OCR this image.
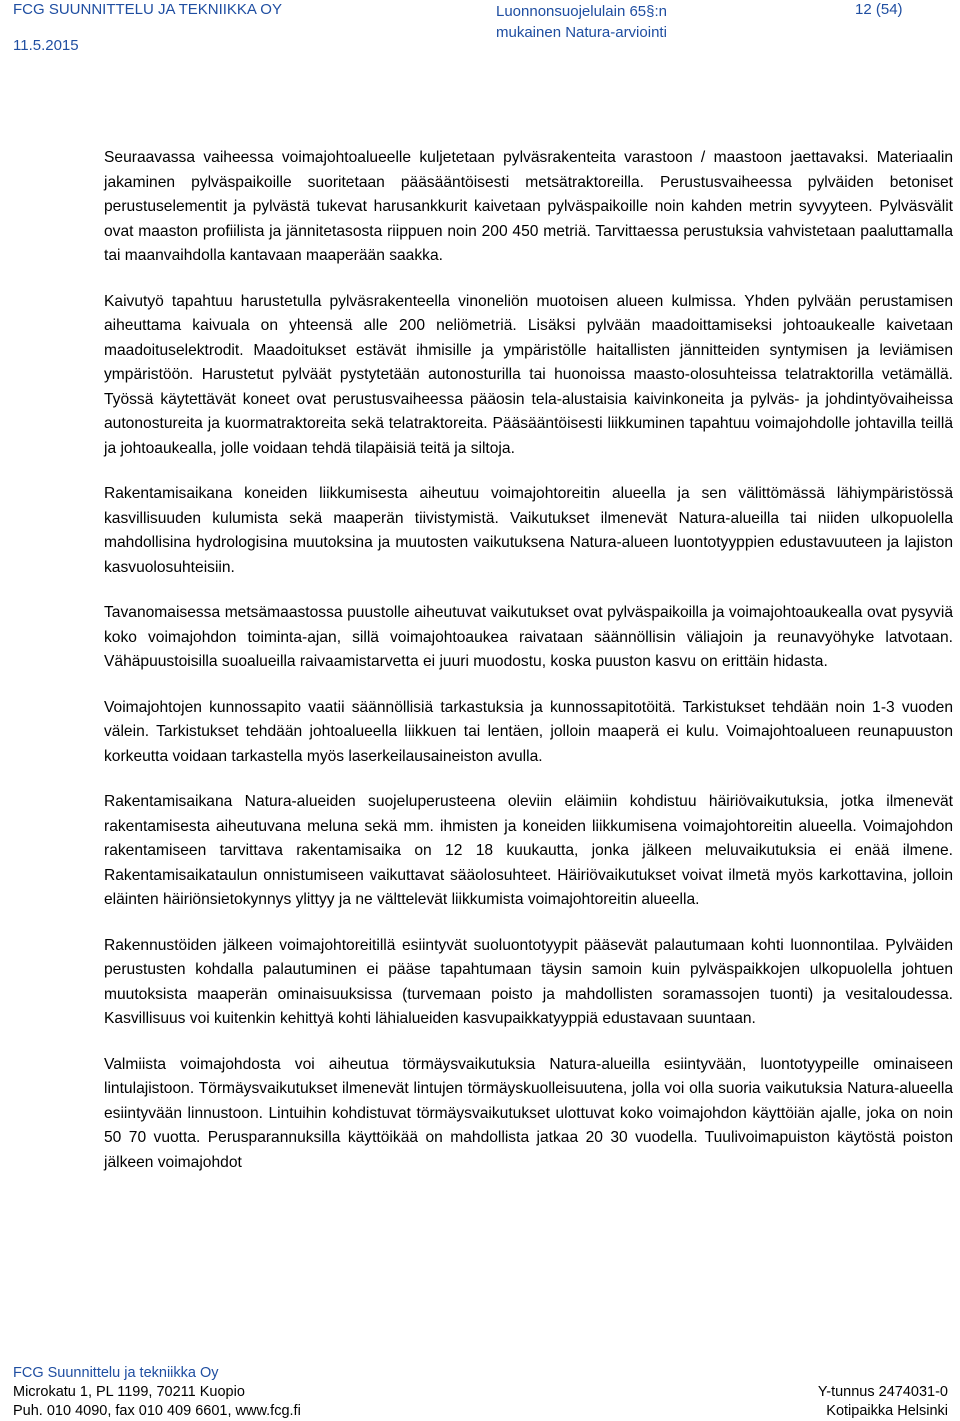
FCG SUUNNITTELU JA TEKNIIKKA OY
11.5.2015
Luonnonsuojelulain 65§:n
mukainen Natura-arviointi
12 (54)

Seuraavassa vaiheessa voimajohtoalueelle kuljetetaan pylväsrakenteita varastoon / maastoon jaettavaksi. Materiaalin jakaminen pylväspaikoille suoritetaan pääsääntöisesti metsätraktoreilla. Perustusvaiheessa pylväiden betoniset perustuselementit ja pylvästä tukevat harusankkurit kaivetaan pylväspaikoille noin kahden metrin syvyyteen. Pylväsvälit ovat maaston profiilista ja jännitetasosta riippuen noin 200 450 metriä. Tarvittaessa perustuksia vahvistetaan paaluttamalla tai maanvaihdolla kantavaan maaperään saakka.

Kaivutyö tapahtuu harustetulla pylväsrakenteella vinoneliön muotoisen alueen kulmissa. Yhden pylvään perustamisen aiheuttama kaivuala on yhteensä alle 200 neliömetriä. Lisäksi pylvään maadoittamiseksi johtoaukealle kaivetaan maadoituselektrodit. Maadoitukset estävät ihmisille ja ympäristölle haitallisten jännitteiden syntymisen ja leviämisen ympäristöön. Harustetut pylväät pystytetään autonosturilla tai huonoissa maasto-olosuhteissa telatraktorilla vetämällä. Työssä käytettävät koneet ovat perustusvaiheessa pääosin tela-alustaisia kaivinkoneita ja pylväs- ja johdintyövaiheissa autonostureita ja kuormatraktoreita sekä telatraktoreita. Pääsääntöisesti liikkuminen tapahtuu voimajohdolle johtavilla teillä ja johtoaukealla, jolle voidaan tehdä tilapäisiä teitä ja siltoja.

Rakentamisaikana koneiden liikkumisesta aiheutuu voimajohtoreitin alueella ja sen välittömässä lähiympäristössä kasvillisuuden kulumista sekä maaperän tiivistymistä. Vaikutukset ilmenevät Natura-alueilla tai niiden ulkopuolella mahdollisina hydrologisina muutoksina ja muutosten vaikutuksena Natura-alueen luontotyyppien edustavuuteen ja lajiston kasvuolosuhteisiin.

Tavanomaisessa metsämaastossa puustolle aiheutuvat vaikutukset ovat pylväspaikoilla ja voimajohtoaukealla ovat pysyviä koko voimajohdon toiminta-ajan, sillä voimajohtoaukea raivataan säännöllisin väliajoin ja reunavyöhyke latvotaan. Vähäpuustoisilla suoalueilla raivaamistarvetta ei juuri muodostu, koska puuston kasvu on erittäin hidasta.

Voimajohtojen kunnossapito vaatii säännöllisiä tarkastuksia ja kunnossapitotöitä. Tarkistukset tehdään noin 1-3 vuoden välein. Tarkistukset tehdään johtoalueella liikkuen tai lentäen, jolloin maaperä ei kulu. Voimajohtoalueen reunapuuston korkeutta voidaan tarkastella myös laserkeilausaineiston avulla.

Rakentamisaikana Natura-alueiden suojeluperusteena oleviin eläimiin kohdistuu häiriövaikutuksia, jotka ilmenevät rakentamisesta aiheutuvana meluna sekä mm. ihmisten ja koneiden liikkumisena voimajohtoreitin alueella. Voimajohdon rakentamiseen tarvittava rakentamisaika on 12 18 kuukautta, jonka jälkeen meluvaikutuksia ei enää ilmene. Rakentamisaikataulun onnistumiseen vaikuttavat sääolosuhteet. Häiriövaikutukset voivat ilmetä myös karkottavina, jolloin eläinten häiriönsietokynnys ylittyy ja ne välttelevät liikkumista voimajohtoreitin alueella.

Rakennustöiden jälkeen voimajohtoreitillä esiintyvät suoluontotyypit pääsevät palautumaan kohti luonnontilaa. Pylväiden perustusten kohdalla palautuminen ei pääse tapahtumaan täysin samoin kuin pylväspaikkojen ulkopuolella johtuen muutoksista maaperän ominaisuuksissa (turvemaan poisto ja mahdollisten soramassojen tuonti) ja vesitaloudessa. Kasvillisuus voi kuitenkin kehittyä kohti lähialueiden kasvupaikkatyyppiä edustavaan suuntaan.

Valmiista voimajohdosta voi aiheutua törmäysvaikutuksia Natura-alueilla esiintyvään, luontotyypeille ominaiseen lintulajistoon. Törmäysvaikutukset ilmenevät lintujen törmäyskuolleisuutena, jolla voi olla suoria vaikutuksia Natura-alueella esiintyvään linnustoon. Lintuihin kohdistuvat törmäysvaikutukset ulottuvat koko voimajohdon käyttöiän ajalle, joka on noin 50 70 vuotta. Perusparannuksilla käyttöikää on mahdollista jatkaa 20 30 vuodella. Tuulivoimapuiston käytöstä poiston jälkeen voimajohdot

FCG Suunnittelu ja tekniikka Oy
Microkatu 1, PL 1199, 70211 Kuopio	Y-tunnus 2474031-0
Puh. 010 4090, fax 010 409 6601, www.fcg.fi	Kotipaikka Helsinki
